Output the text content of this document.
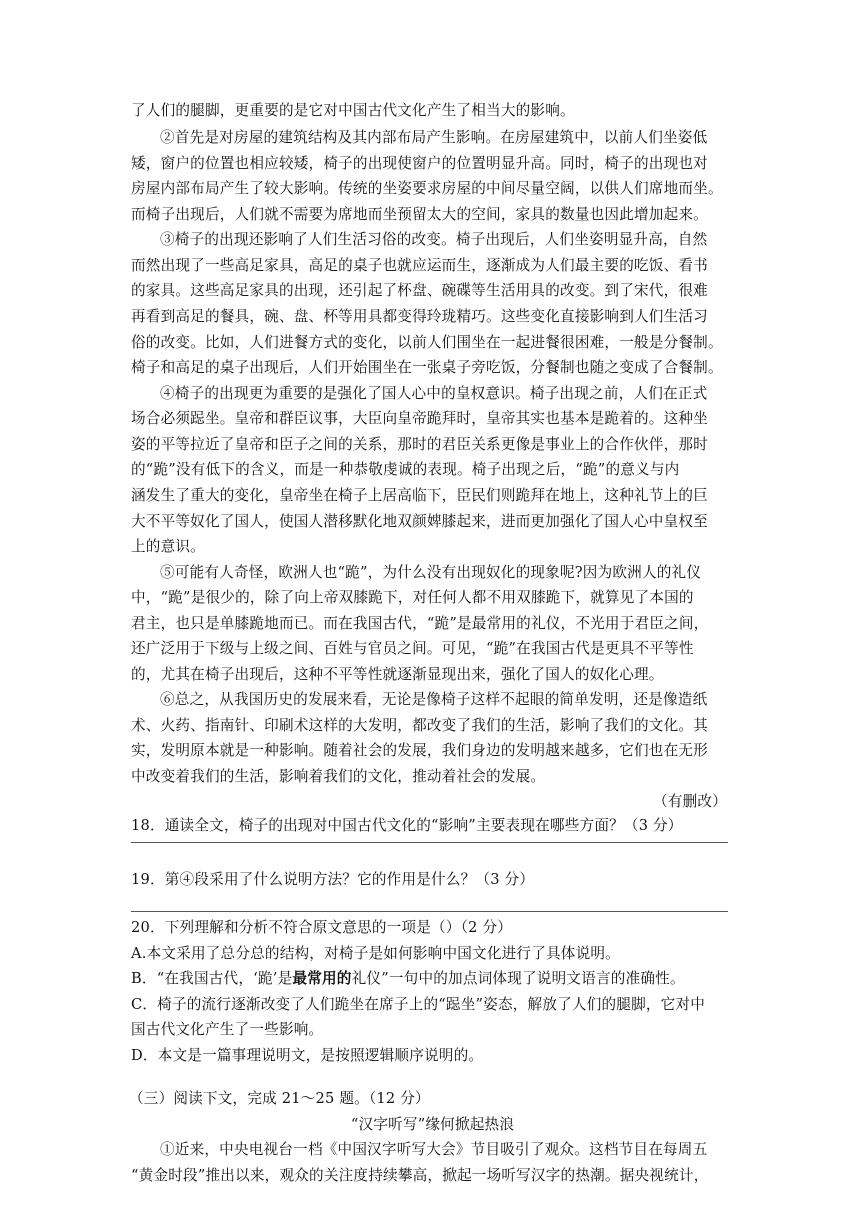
了人们的腿脚，更重要的是它对中国古代文化产生了相当大的影响。
②首先是对房屋的建筑结构及其内部布局产生影响。在房屋建筑中，以前人们坐姿低
矮，窗户的位置也相应较矮，椅子的出现使窗户的位置明显升高。同时，椅子的出现也对
房屋内部布局产生了较大影响。传统的坐姿要求房屋的中间尽量空阔，以供人们席地而坐。
而椅子出现后，人们就不需要为席地而坐预留太大的空间，家具的数量也因此增加起来。
③椅子的出现还影响了人们生活习俗的改变。椅子出现后，人们坐姿明显升高，自然
而然出现了一些高足家具，高足的桌子也就应运而生，逐渐成为人们最主要的吃饭、看书
的家具。这些高足家具的出现，还引起了杯盘、碗碟等生活用具的改变。到了宋代，很难
再看到高足的餐具，碗、盘、杯等用具都变得玲珑精巧。这些变化直接影响到人们生活习
俗的改变。比如，人们进餐方式的变化，以前人们围坐在一起进餐很困难，一般是分餐制。
椅子和高足的桌子出现后，人们开始围坐在一张桌子旁吃饭，分餐制也随之变成了合餐制。
④椅子的出现更为重要的是强化了国人心中的皇权意识。椅子出现之前，人们在正式
场合必须跽坐。皇帝和群臣议事，大臣向皇帝跪拜时，皇帝其实也基本是跪着的。这种坐
姿的平等拉近了皇帝和臣子之间的关系，那时的君臣关系更像是事业上的合作伙伴，那时
的“跪”没有低下的含义，而是一种恭敬虔诚的表现。椅子出现之后，“跪”的意义与内
涵发生了重大的变化，皇帝坐在椅子上居高临下，臣民们则跪拜在地上，这种礼节上的巨
大不平等奴化了国人，使国人潜移默化地双颜婢膝起来，进而更加强化了国人心中皇权至
上的意识。
⑤可能有人奇怪，欧洲人也“跪”，为什么没有出现奴化的现象呢?因为欧洲人的礼仪
中，“跪”是很少的，除了向上帝双膝跪下，对任何人都不用双膝跪下，就算见了本国的
君主，也只是单膝跪地而已。而在我国古代，“跪”是最常用的礼仪，不光用于君臣之间，
还广泛用于下级与上级之间、百姓与官员之间。可见，“跪”在我国古代是更具不平等性
的，尤其在椅子出现后，这种不平等性就逐渐显现出来，强化了国人的奴化心理。
⑥总之，从我国历史的发展来看，无论是像椅子这样不起眼的简单发明，还是像造纸
术、火药、指南针、印刷术这样的大发明，都改变了我们的生活，影响了我们的文化。其
实，发明原本就是一种影响。随着社会的发展，我们身边的发明越来越多，它们也在无形
中改变着我们的生活，影响着我们的文化，推动着社会的发展。
（有删改）
18．通读全文，椅子的出现对中国古代文化的“影响”主要表现在哪些方面？（3 分）
19．第④段采用了什么说明方法？它的作用是什么？（3 分）
20．下列理解和分析不符合原文意思的一项是（）（2 分）
A.本文采用了总分总的结构，对椅子是如何影响中国文化进行了具体说明。
B．“在我国古代，‘跪’是最常用的礼仪”一句中的加点词体现了说明文语言的准确性。
C．椅子的流行逐渐改变了人们跪坐在席子上的“跽坐”姿态，解放了人们的腿脚，它对中
国古代文化产生了一些影响。
D．本文是一篇事理说明文，是按照逻辑顺序说明的。
（三）阅读下文，完成 21～25 题。（12 分）
“汉字听写”缘何掀起热浪
①近来，中央电视台一档《中国汉字听写大会》节目吸引了观众。这档节目在每周五
“黄金时段”推出以来，观众的关注度持续攀高，掀起一场听写汉字的热潮。据央视统计，
